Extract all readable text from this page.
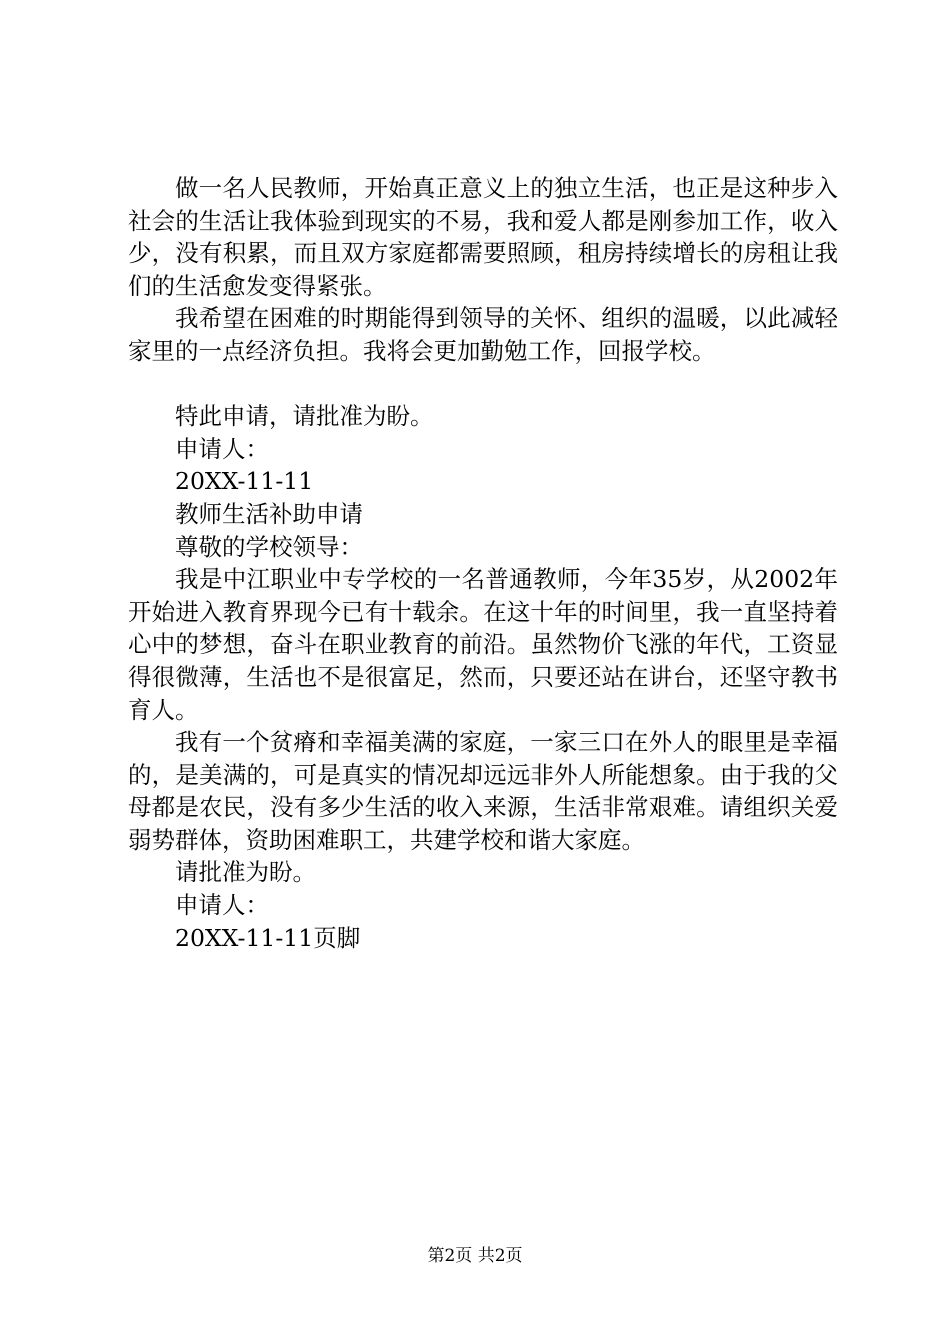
做一名人民教师，开始真正意义上的独立生活，也正是这种步入社会的生活让我体验到现实的不易，我和爱人都是刚参加工作，收入少，没有积累，而且双方家庭都需要照顾，租房持续增长的房租让我们的生活愈发变得紧张。

我希望在困难的时期能得到领导的关怀、组织的温暖，以此减轻家里的一点经济负担。我将会更加勤勉工作，回报学校。

特此申请，请批准为盼。

申请人：

20XX-11-11

教师生活补助申请

尊敬的学校领导：

我是中江职业中专学校的一名普通教师，今年35岁，从2002年开始进入教育界现今已有十载余。在这十年的时间里，我一直坚持着心中的梦想，奋斗在职业教育的前沿。虽然物价飞涨的年代，工资显得很微薄，生活也不是很富足，然而，只要还站在讲台，还坚守教书育人。

我有一个贫瘠和幸福美满的家庭，一家三口在外人的眼里是幸福的，是美满的，可是真实的情况却远远非外人所能想象。由于我的父母都是农民，没有多少生活的收入来源，生活非常艰难。请组织关爱弱势群体，资助困难职工，共建学校和谐大家庭。

请批准为盼。

申请人：

20XX-11-11页脚

第2页 共2页
